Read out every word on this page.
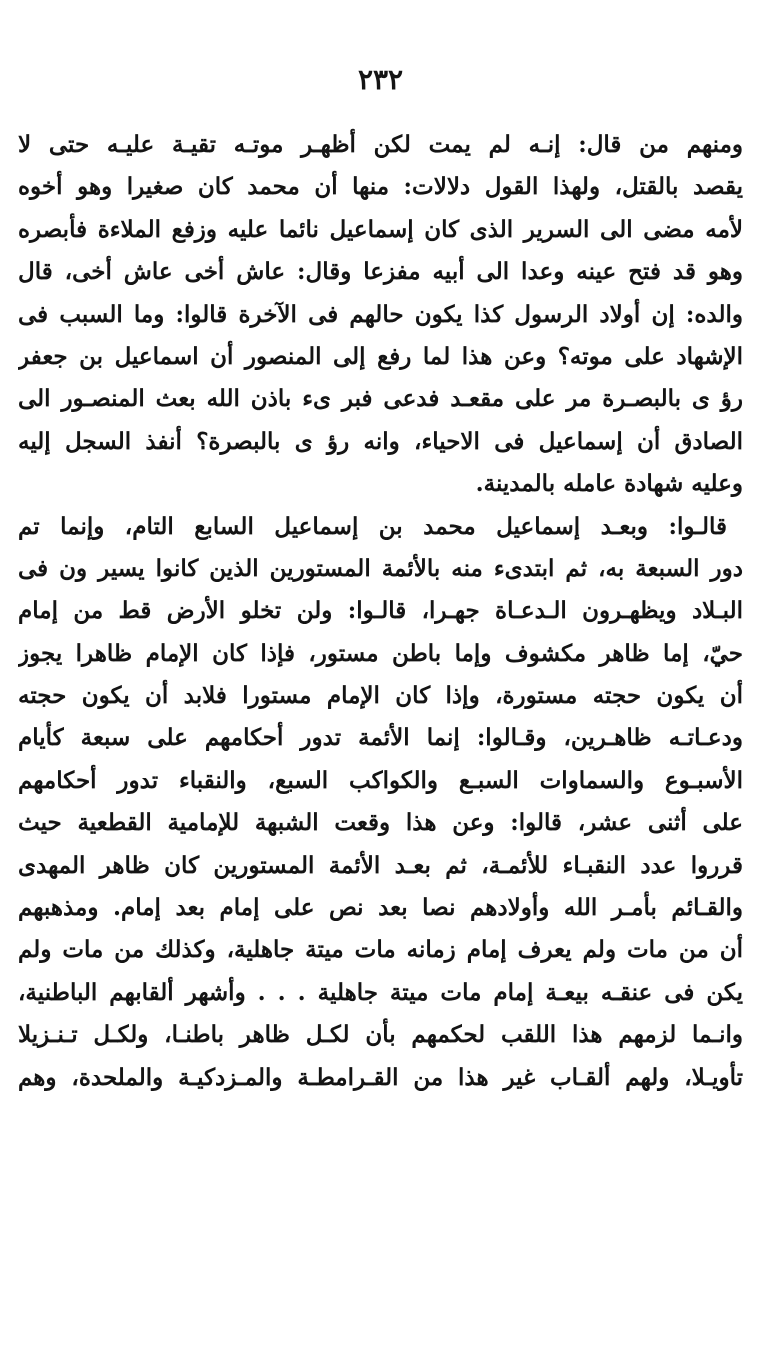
٢٣٢
ومنهم من قال: إنـه لم يمت لكن أظهـر موتـه تقيـة عليـه حتى لا
يقصد بالقتل، ولهذا القول دلالات: منها أن محمد كان صغيرا وهو أخوه
لأمه مضى الى السرير الذى كان إسماعيل نائما عليه وزفع الملاءة فأبصره
وهو قد فتح عينه وعدا الى أبيه مفزعا وقال: عاش أخى عاش أخى، قال
والده: إن أولاد الرسول كذا يكون حالهم فى الآخرة قالوا: وما السبب فى
الإشهاد على موته؟ وعن هذا لما رفع إلى المنصور أن اسماعيل بن جعفر
رؤ ى بالبصـرة مر على مقعـد فدعى فبر ىء باذن الله بعث المنصـور الى
الصادق أن إسماعيل فى الاحياء، وانه رؤ ى بالبصرة؟ أنفذ السجل إليه
وعليه شهادة عامله بالمدينة.
قالـوا: وبعـد إسماعيل محمد بن إسماعيل السابع التام، وإنما تم
دور السبعة به، ثم ابتدىء منه بالأئمة المستورين الذين كانوا يسير ون فى
البـلاد ويظهـرون الـدعـاة جهـرا، قالـوا: ولن تخلو الأرض قط من إمام
حيّ، إما ظاهر مكشوف وإما باطن مستور، فإذا كان الإمام ظاهرا يجوز
أن يكون حجته مستورة، وإذا كان الإمام مستورا فلابد أن يكون حجته
ودعـاتـه ظاهـرين، وقـالوا: إنما الأئمة تدور أحكامهم على سبعة كأيام
الأسبـوع والسماوات السبـع والكواكب السبع، والنقباء تدور أحكامهم
على أثنى عشر، قالوا: وعن هذا وقعت الشبهة للإمامية القطعية حيث
قرروا عدد النقبـاء للأئمـة، ثم بعـد الأئمة المستورين كان ظاهر المهدى
والقـائم بأمـر الله وأولادهم نصا بعد نص على إمام بعد إمام. ومذهبهم
أن من مات ولم يعرف إمام زمانه مات ميتة جاهلية، وكذلك من مات ولم
يكن فى عنقـه بيعـة إمام مات ميتة جاهلية . . . وأشهر ألقابهم الباطنية،
وانـما لزمهم هذا اللقب لحكمهم بأن لكـل ظاهر باطنـا، ولكـل تـنـزيلا
تأويـلا، ولهم ألقـاب غير هذا من القـرامطـة والمـزدكيـة والملحدة، وهم
